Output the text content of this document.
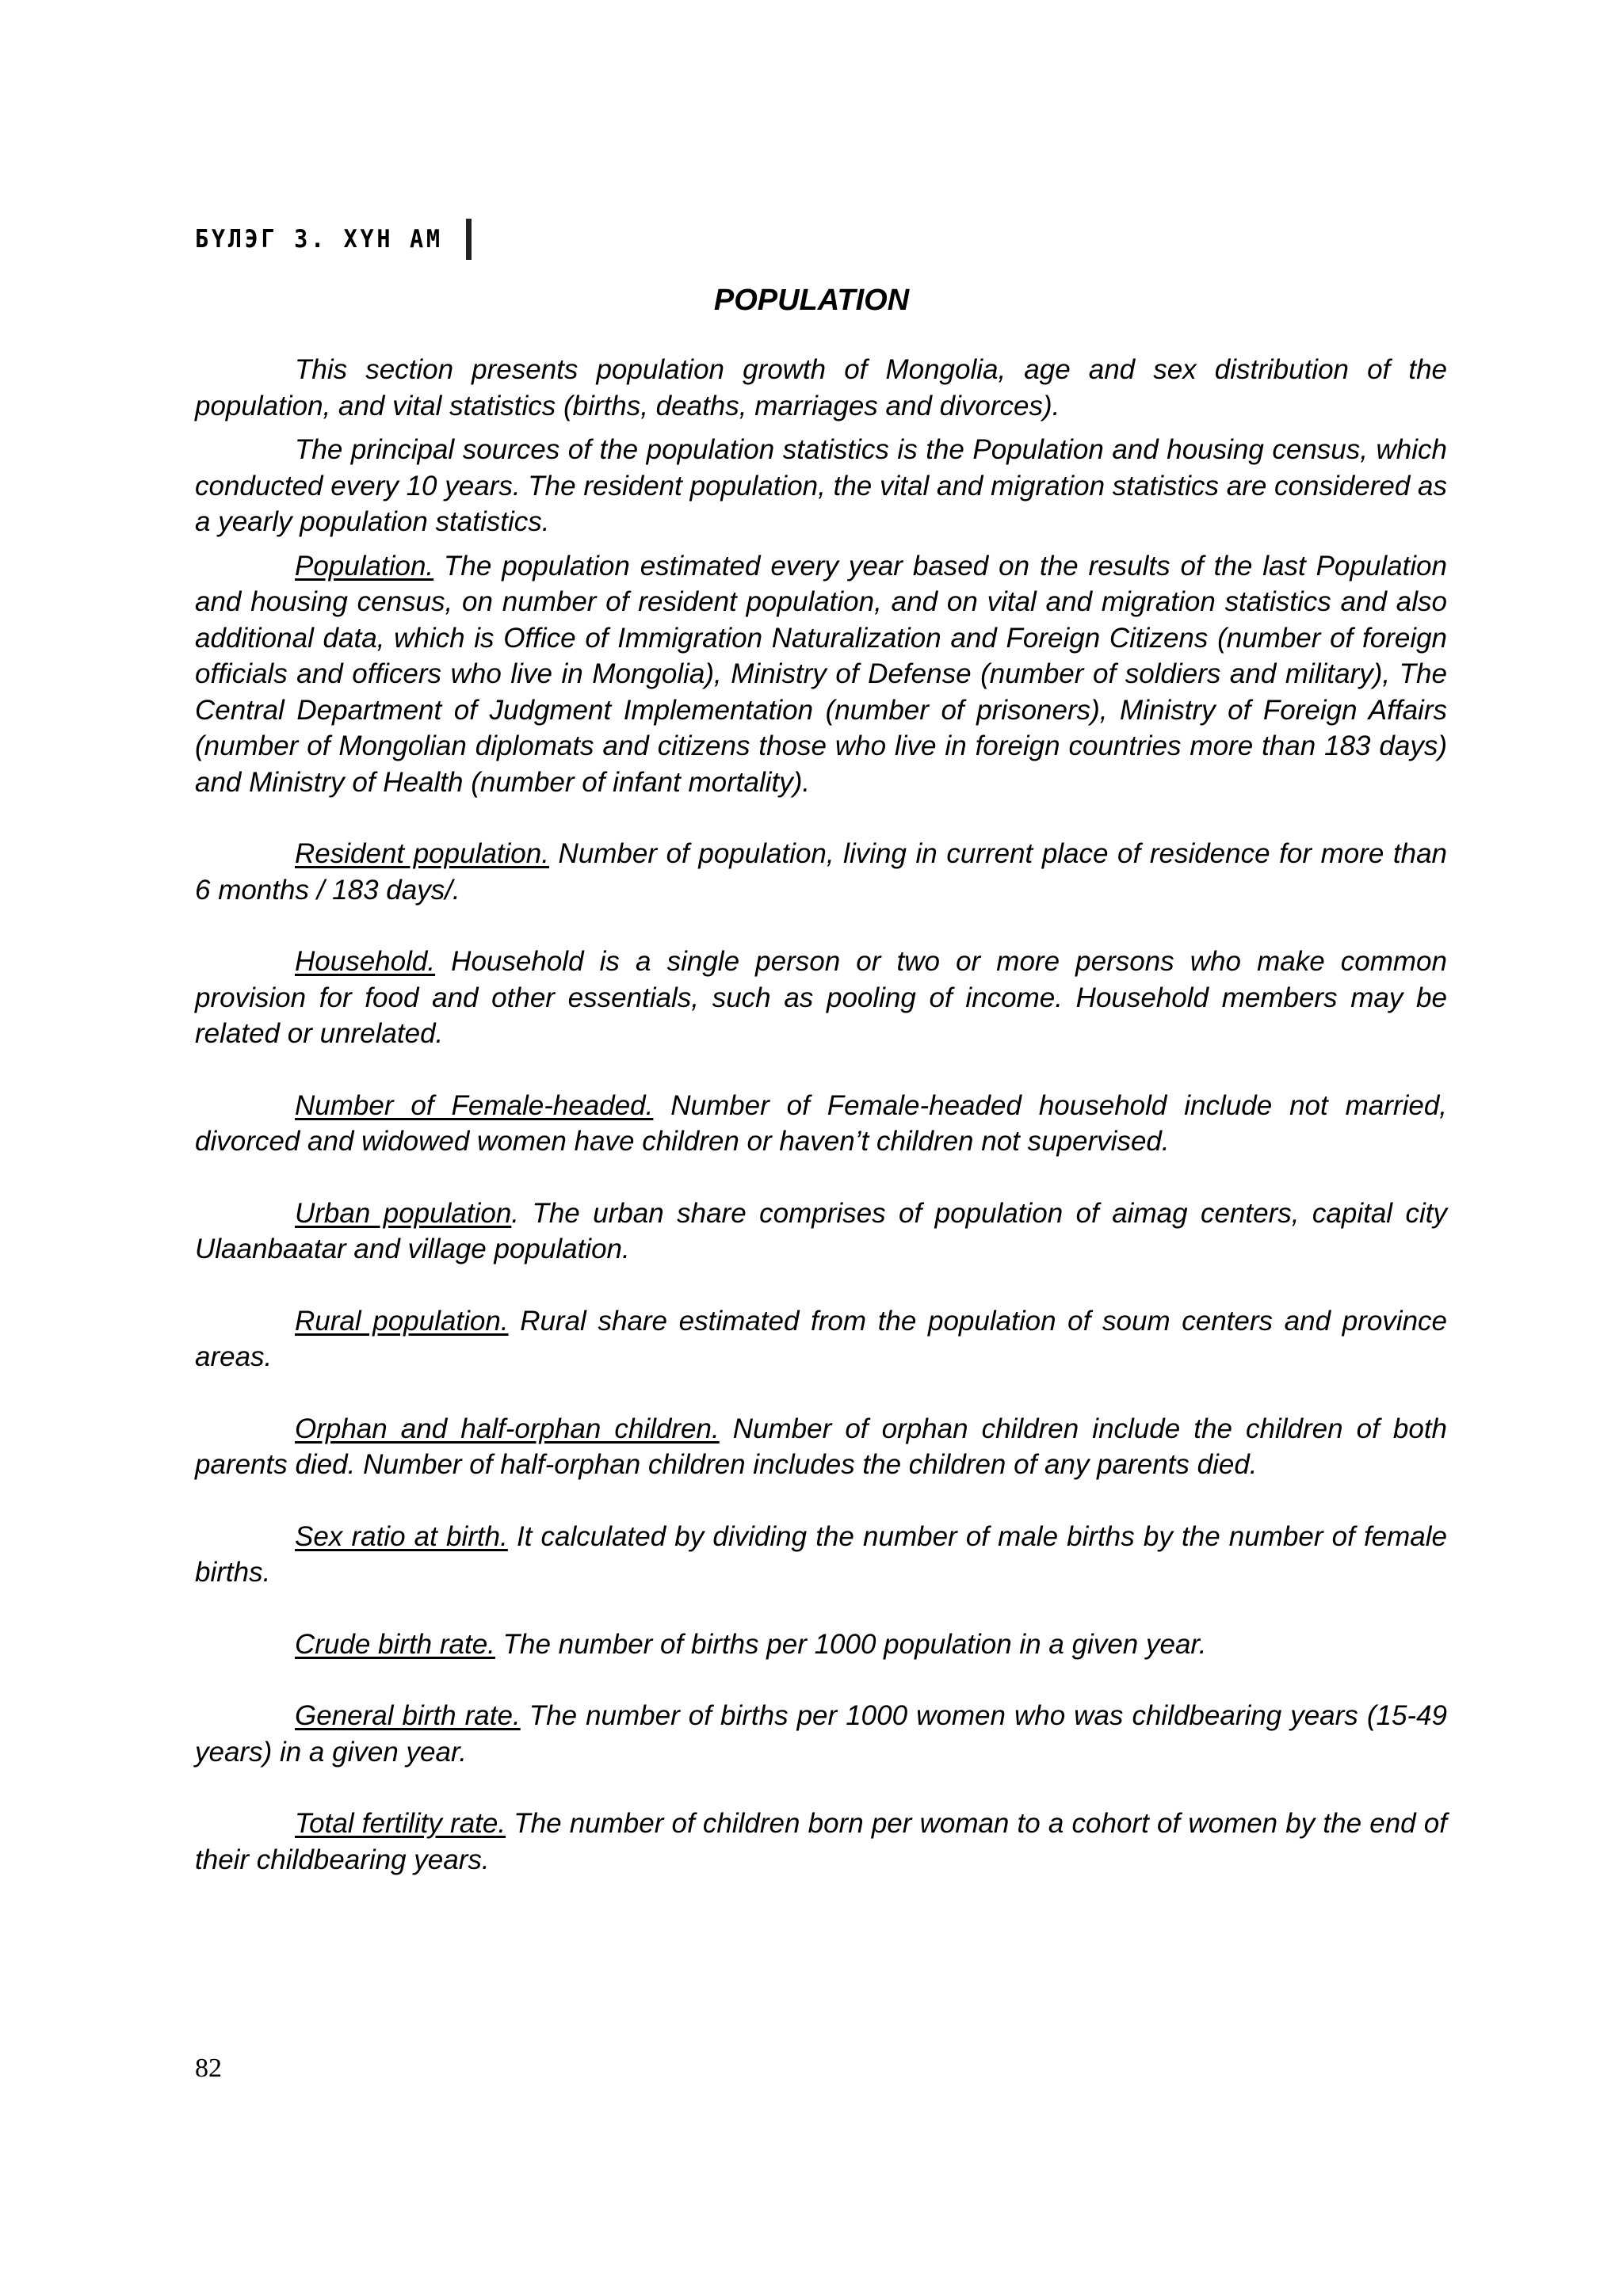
БҮЛЭГ 3. ХҮН АМ
POPULATION

This section presents population growth of Mongolia, age and sex distribution of the population, and vital statistics (births, deaths, marriages and divorces).

The principal sources of the population statistics is the Population and housing census, which conducted every 10 years. The resident population, the vital and migration statistics are considered as a yearly population statistics.

Population. The population estimated every year based on the results of the last Population and housing census, on number of resident population, and on vital and migration statistics and also additional data, which is Office of Immigration Naturalization and Foreign Citizens (number of foreign officials and officers who live in Mongolia), Ministry of Defense (number of soldiers and military), The Central Department of Judgment Implementation (number of prisoners), Ministry of Foreign Affairs (number of Mongolian diplomats and citizens those who live in foreign countries more than 183 days) and Ministry of Health (number of infant mortality).

Resident population. Number of population, living in current place of residence for more than 6 months / 183 days/.

Household. Household is a single person or two or more persons who make common provision for food and other essentials, such as pooling of income. Household members may be related or unrelated.

Number of Female-headed. Number of Female-headed household include not married, divorced and widowed women have children or haven’t children not supervised.

Urban population. The urban share comprises of population of aimag centers, capital city Ulaanbaatar and village population.

Rural population. Rural share estimated from the population of soum centers and province areas.

Orphan and half-orphan children. Number of orphan children include the children of both parents died. Number of half-orphan children includes the children of any parents died.

Sex ratio at birth. It calculated by dividing the number of male births by the number of female births.

Crude birth rate. The number of births per 1000 population in a given year.

General birth rate. The number of births per 1000 women who was childbearing years (15-49 years) in a given year.

Total fertility rate. The number of children born per woman to a cohort of women by the end of their childbearing years.

82
